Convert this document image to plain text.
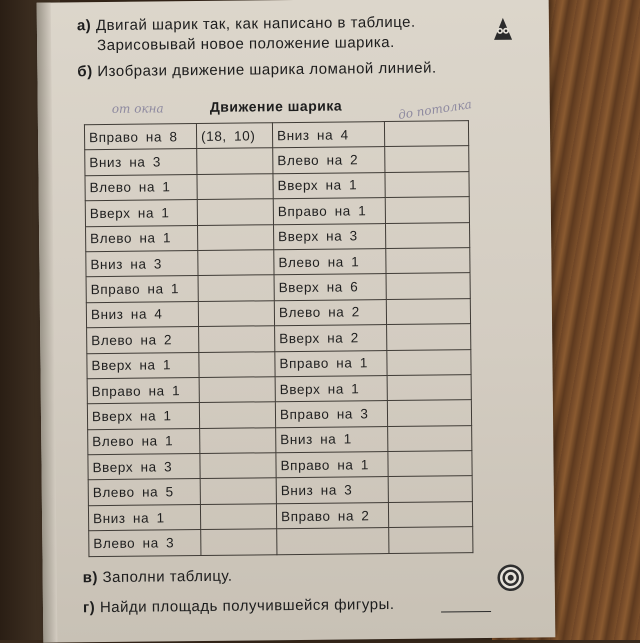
а) Двигай шарик так, как написано в таблице.
Зарисовывай новое положение шарика.
б) Изобрази движение шарика ломаной линией.
от окна	Движение шарика	до потолка
Вправо на 8	(18, 10)	Вниз на 4	
Вниз на 3		Влево на 2	
Влево на 1		Вверх на 1	
Вверх на 1		Вправо на 1	
Влево на 1		Вверх на 3	
Вниз на 3		Влево на 1	
Вправо на 1		Вверх на 6	
Вниз на 4		Влево на 2	
Влево на 2		Вверх на 2	
Вверх на 1		Вправо на 1	
Вправо на 1		Вверх на 1	
Вверх на 1		Вправо на 3	
Влево на 1		Вниз на 1	
Вверх на 3		Вправо на 1	
Влево на 5		Вниз на 3	
Вниз на 1		Вправо на 2	
Влево на 3			
в) Заполни таблицу.
г) Найди площадь получившейся фигуры.
